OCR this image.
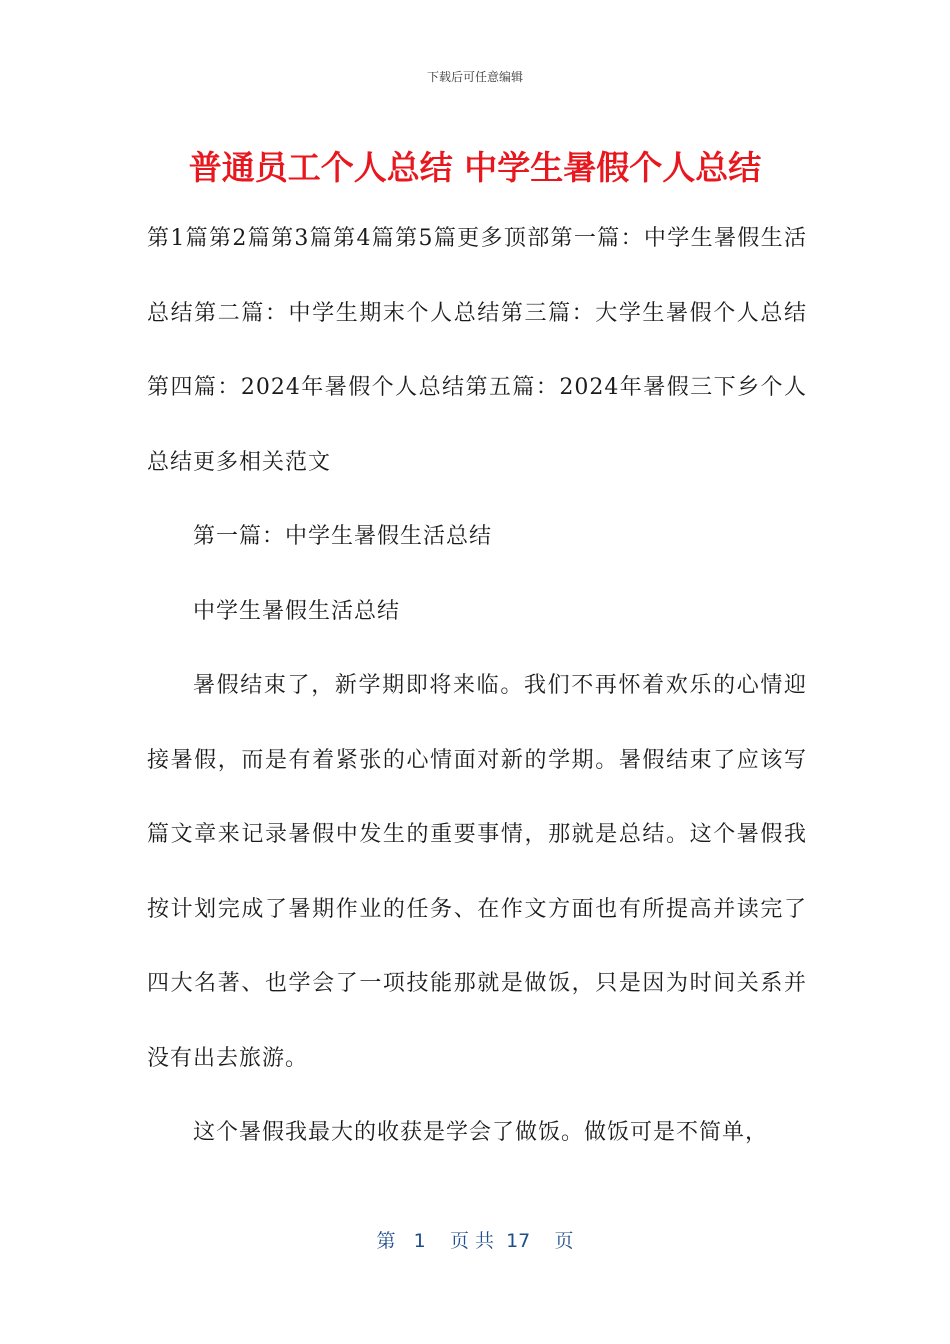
下载后可任意编辑
普通员工个人总结 中学生暑假个人总结

第1篇第2篇第3篇第4篇第5篇更多顶部第一篇：中学生暑假生活总结第二篇：中学生期末个人总结第三篇：大学生暑假个人总结第四篇：2024年暑假个人总结第五篇：2024年暑假三下乡个人总结更多相关范文

第一篇：中学生暑假生活总结

中学生暑假生活总结

暑假结束了，新学期即将来临。我们不再怀着欢乐的心情迎接暑假，而是有着紧张的心情面对新的学期。暑假结束了应该写篇文章来记录暑假中发生的重要事情，那就是总结。这个暑假我按计划完成了暑期作业的任务、在作文方面也有所提高并读完了四大名著、也学会了一项技能那就是做饭，只是因为时间关系并没有出去旅游。

这个暑假我最大的收获是学会了做饭。做饭可是不简单，

第 1 页 共 17 页
